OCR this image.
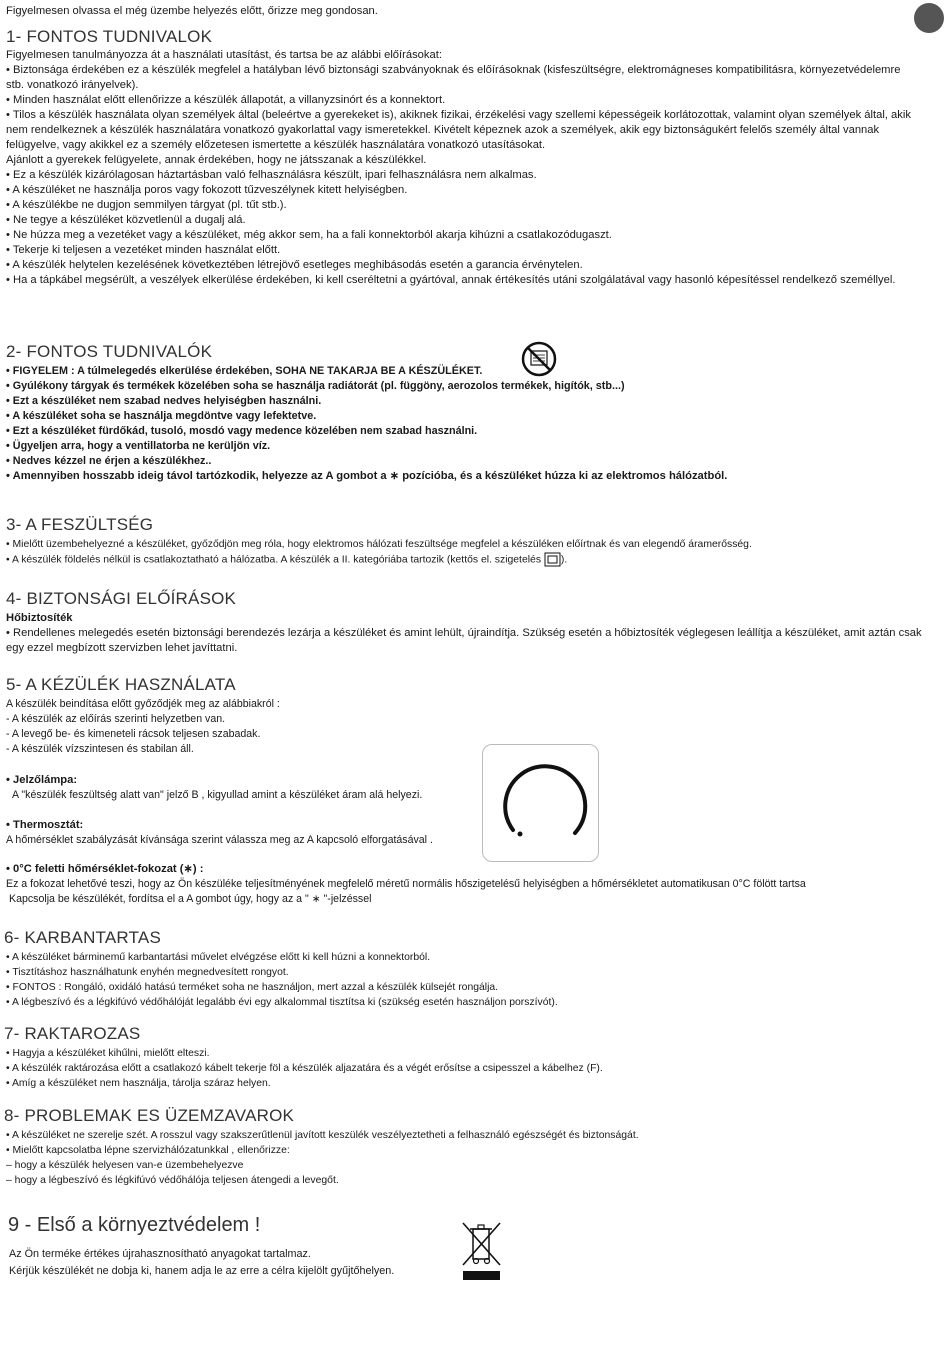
Figyelmesen olvassa el még üzembe helyezés előtt, őrizze meg gondosan.
1- FONTOS TUDNIVALOK

Figyelmesen tanulmányozza át a használati utasítást, és tartsa be az alábbi előírásokat:

• Biztonsága érdekében ez a készülék megfelel a hatályban lévő biztonsági szabványoknak és előírásoknak (kisfeszültségre, elektromágneses kompatibilitásra, környezetvédelemre stb. vonatkozó irányelvek).

• Minden használat előtt ellenőrizze a készülék állapotát, a villanyzsinórt és a konnektort.

• Tilos a készülék használata olyan személyek által (beleértve a gyerekeket is), akiknek fizikai, érzékelési vagy szellemi képességeik korlátozottak, valamint olyan személyek által, akik nem rendelkeznek a készülék használatára vonatkozó gyakorlattal vagy ismeretekkel. Kivételt képeznek azok a személyek, akik egy biztonságukért felelős személy által vannak felügyelve, vagy akikkel ez a személy előzetesen ismertette a készülék használatára vonatkozó utasításokat.

Ajánlott a gyerekek felügyelete, annak érdekében, hogy ne játsszanak a készülékkel.

• Ez a készülék kizárólagosan háztartásban való felhasználásra készült, ipari felhasználásra nem alkalmas.

• A készüléket ne használja poros vagy fokozott tűzveszélynek kitett helyiségben.

• A készülékbe ne dugjon semmilyen tárgyat (pl. tűt stb.).

• Ne tegye a készüléket közvetlenül a dugalj alá.

• Ne húzza meg a vezetéket vagy a készüléket, még akkor sem, ha a fali konnektorból akarja kihúzni a csatlakozódugaszt.

• Tekerje ki teljesen a vezetéket minden használat előtt.

• A készülék helytelen kezelésének következtében létrejövő esetleges meghibásodás esetén a garancia érvénytelen.

• Ha a tápkábel megsérült, a veszélyek elkerülése érdekében, ki kell cseréltetni a gyártóval, annak értékesítés utáni szolgálatával vagy hasonló képesítéssel rendelkező személlyel.

2- FONTOS TUDNIVALÓK

• FIGYELEM : A túlmelegedés elkerülése érdekében, SOHA NE TAKARJA BE A KÉSZÜLÉKET.

• Gyúlékony tárgyak és termékek közelében soha se használja radiátorát (pl. függöny, aerozolos termékek, higítók, stb...)

• Ezt a készüléket nem szabad nedves helyiségben használni.

• A készüléket soha se használja megdöntve vagy lefektetve.

• Ezt a készüléket fürdőkád, tusoló, mosdó vagy medence közelében nem szabad használni.

• Ügyeljen arra, hogy a ventillatorba ne kerüljön víz.

• Nedves kézzel ne érjen a készülékhez..

• Amennyiben hosszabb ideig távol tartózkodik, helyezze az A gombot a ∗ pozícióba, és a készüléket húzza ki az elektromos hálózatból.

3- A FESZÜLTSÉG

• Mielőtt üzembehelyezné a készüléket, győződjön meg róla, hogy elektromos hálózati feszültsége megfelel a készüléken előírtnak és van elegendő áramerősség.

• A készülék földelés nélkül is csatlakoztatható a hálózatba. A készülék a II. kategóriába tartozik (kettős el. szigetelés ).

4- BIZTONSÁGI ELŐÍRÁSOK

Hőbiztosíték

• Rendellenes melegedés esetén biztonsági berendezés lezárja a készüléket és amint lehült, újraindítja. Szükség esetén a hőbiztosíték véglegesen leállítja a készüléket, amit aztán csak egy ezzel megbízott szervizben lehet javíttatni.

5- A KÉZÜLÉK HASZNÁLATA

A készülék beindítása előtt győződjék meg az alábbiakról :

- A készülék az előírás szerinti helyzetben van.

- A levegő be- és kimeneteli rácsok teljesen szabadak.

- A készülék vízszintesen és stabilan áll.

• Jelzőlámpa:

A "készülék feszültség alatt van" jelző B , kigyullad amint a készüléket áram alá helyezi.

• Thermosztát:

A hőmérséklet szabályzását kívánsága szerint válassza meg az A kapcsoló elforgatásával .

• 0°C feletti hőmérséklet-fokozat (∗) :

Ez a fokozat lehetővé teszi, hogy az Ön készüléke teljesítményének megfelelő méretű normális hőszigetelésű helyiségben a hőmérsékletet automatikusan 0°C fölött tartsa

Kapcsolja be készülékét, fordítsa el a A gombot úgy, hogy az a " ∗ "-jelzéssel

6- KARBANTARTAS

• A készüléket bárminemű karbantartási művelet elvégzése előtt ki kell húzni a konnektorból.

• Tisztításhoz használhatunk enyhén megnedvesített rongyot.

• FONTOS : Rongáló, oxidáló hatású terméket soha ne használjon, mert azzal a készülék külsejét rongálja.

• A légbeszívó és a légkifúvó védőhálóját legalább évi egy alkalommal tisztítsa ki (szükség esetén használjon porszívót).

7- RAKTAROZAS

• Hagyja a készüléket kihűlni, mielőtt elteszi.

• A készülék raktározása előtt a csatlakozó kábelt tekerje föl a készülék aljazatára és a végét erősítse a csipesszel a kábelhez (F).

• Amíg a készüléket nem használja, tárolja száraz helyen.

8- PROBLEMAK ES ÜZEMZAVAROK

• A készüléket ne szerelje szét. A rosszul vagy szakszerűtlenül javított keszülék veszélyeztetheti a felhasználó egészségét és biztonságát.

• Mielőtt kapcsolatba lépne szervizhálózatunkkal , ellenőrizze:

– hogy a készülék helyesen van-e üzembehelyezve

– hogy a légbeszívó és légkifúvó védőhálója teljesen átengedi a levegőt.

9 - Első a környeztvédelem !

Az Ön terméke értékes újrahasznosítható anyagokat tartalmaz.

Kérjük készülékét ne dobja ki, hanem adja le az erre a célra kijelölt gyűjtőhelyen.
